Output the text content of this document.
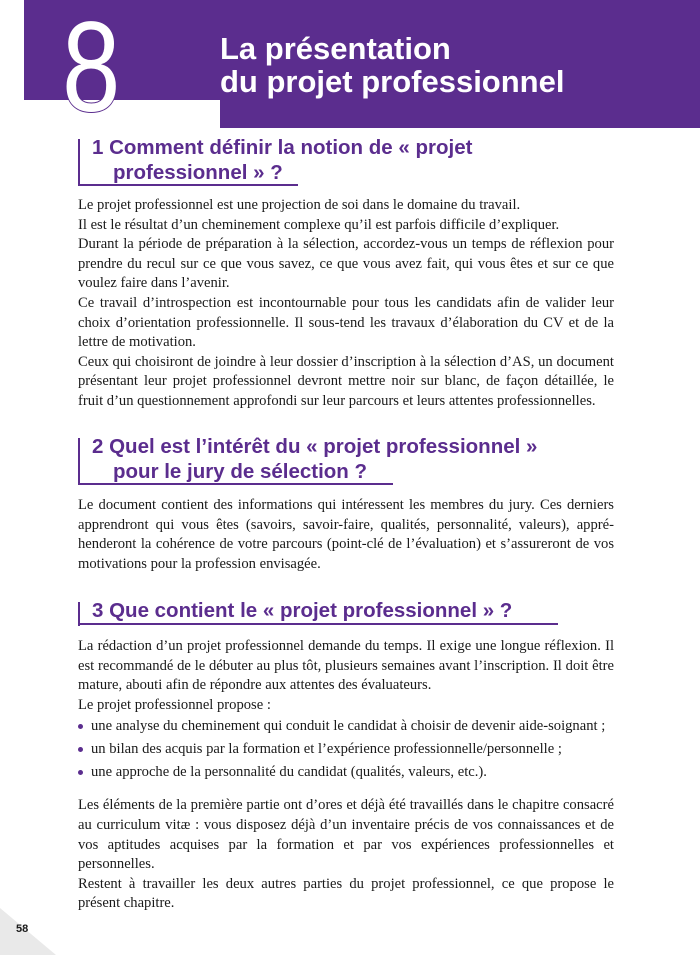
8	La présentation
du projet professionnel
1 Comment définir la notion de « projet
professionnel » ?

Le projet professionnel est une projection de soi dans le domaine du travail.

Il est le résultat d’un cheminement complexe qu’il est parfois difficile d’expliquer.

Durant la période de préparation à la sélection, accordez-vous un temps de réflexion pour prendre du recul sur ce que vous savez, ce que vous avez fait, qui vous êtes et sur ce que voulez faire dans l’avenir.

Ce travail d’introspection est incontournable pour tous les candidats afin de valider leur choix d’orientation professionnelle. Il sous-tend les travaux d’élaboration du CV et de la lettre de motivation.

Ceux qui choisiront de joindre à leur dossier d’inscription à la sélection d’AS, un document présentant leur projet professionnel devront mettre noir sur blanc, de façon détaillée, le fruit d’un questionnement approfondi sur leur parcours et leurs attentes professionnelles.

2 Quel est l’intérêt du « projet professionnel »
pour le jury de sélection ?

Le document contient des informations qui intéressent les membres du jury. Ces derniers apprendront qui vous êtes (savoirs, savoir-faire, qualités, personnalité, valeurs), appréhenderont la cohérence de votre parcours (point-clé de l’évaluation) et s’assureront de vos motivations pour la profession envisagée.

3 Que contient le « projet professionnel » ?

La rédaction d’un projet professionnel demande du temps. Il exige une longue réflexion. Il est recommandé de le débuter au plus tôt, plusieurs semaines avant l’inscription. Il doit être mature, abouti afin de répondre aux attentes des évaluateurs.

Le projet professionnel propose :

une analyse du cheminement qui conduit le candidat à choisir de devenir aide-soignant ;
un bilan des acquis par la formation et l’expérience professionnelle/personnelle ;
une approche de la personnalité du candidat (qualités, valeurs, etc.).

Les éléments de la première partie ont d’ores et déjà été travaillés dans le chapitre consacré au curriculum vitæ : vous disposez déjà d’un inventaire précis de vos connaissances et de vos aptitudes acquises par la formation et par vos expériences professionnelles et personnelles.

Restent à travailler les deux autres parties du projet professionnel, ce que propose le présent chapitre.

58
